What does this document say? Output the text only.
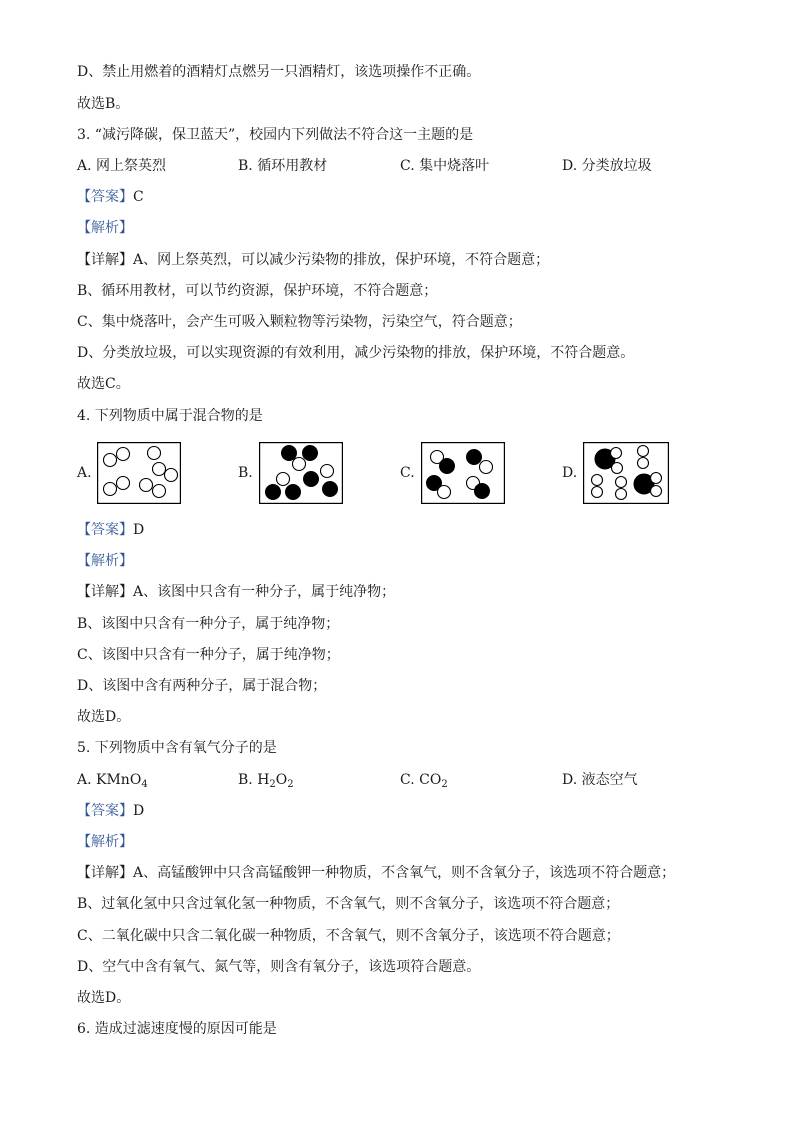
D、禁止用燃着的酒精灯点燃另一只酒精灯，该选项操作不正确。
故选B。
3. “减污降碳，保卫蓝天”，校园内下列做法不符合这一主题的是
A. 网上祭英烈	B. 循环用教材	C. 集中烧落叶	D. 分类放垃圾
【答案】C
【解析】
【详解】A、网上祭英烈，可以减少污染物的排放，保护环境，不符合题意；
B、循环用教材，可以节约资源，保护环境，不符合题意；
C、集中烧落叶，会产生可吸入颗粒物等污染物，污染空气，符合题意；
D、分类放垃圾，可以实现资源的有效利用，减少污染物的排放，保护环境，不符合题意。
故选C。
4. 下列物质中属于混合物的是
A.	B.	C.	D.
【答案】D
【解析】
【详解】A、该图中只含有一种分子，属于纯净物；
B、该图中只含有一种分子，属于纯净物；
C、该图中只含有一种分子，属于纯净物；
D、该图中含有两种分子，属于混合物；
故选D。
5. 下列物质中含有氧气分子的是
A. KMnO$_4$	B. $H_2O_2$	C. $CO_2$	D. 液态空气
【答案】D
【解析】
【详解】A、高锰酸钾中只含高锰酸钾一种物质，不含氧气，则不含氧分子，该选项不符合题意；
B、过氧化氢中只含过氧化氢一种物质，不含氧气，则不含氧分子，该选项不符合题意；
C、二氧化碳中只含二氧化碳一种物质，不含氧气，则不含氧分子，该选项不符合题意；
D、空气中含有氧气、氮气等，则含有氧分子，该选项符合题意。
故选D。
6. 造成过滤速度慢的原因可能是
